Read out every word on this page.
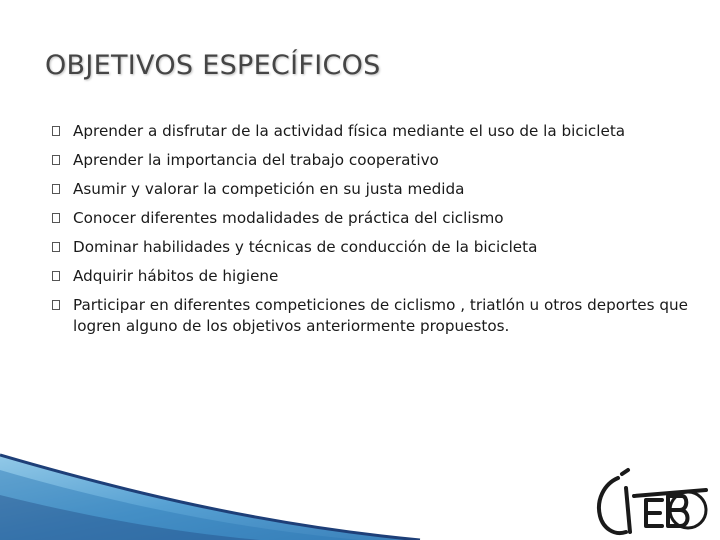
OBJETIVOS ESPECÍFICOS
Aprender a disfrutar de la actividad física mediante el uso de la bicicleta
Aprender la importancia del trabajo cooperativo
Asumir y valorar la competición en su justa medida
Conocer diferentes modalidades de práctica del ciclismo
Dominar habilidades y técnicas de conducción de la bicicleta
Adquirir hábitos de higiene
Participar en diferentes competiciones de ciclismo , triatlón u otros deportes que logren alguno de los objetivos anteriormente propuestos.
